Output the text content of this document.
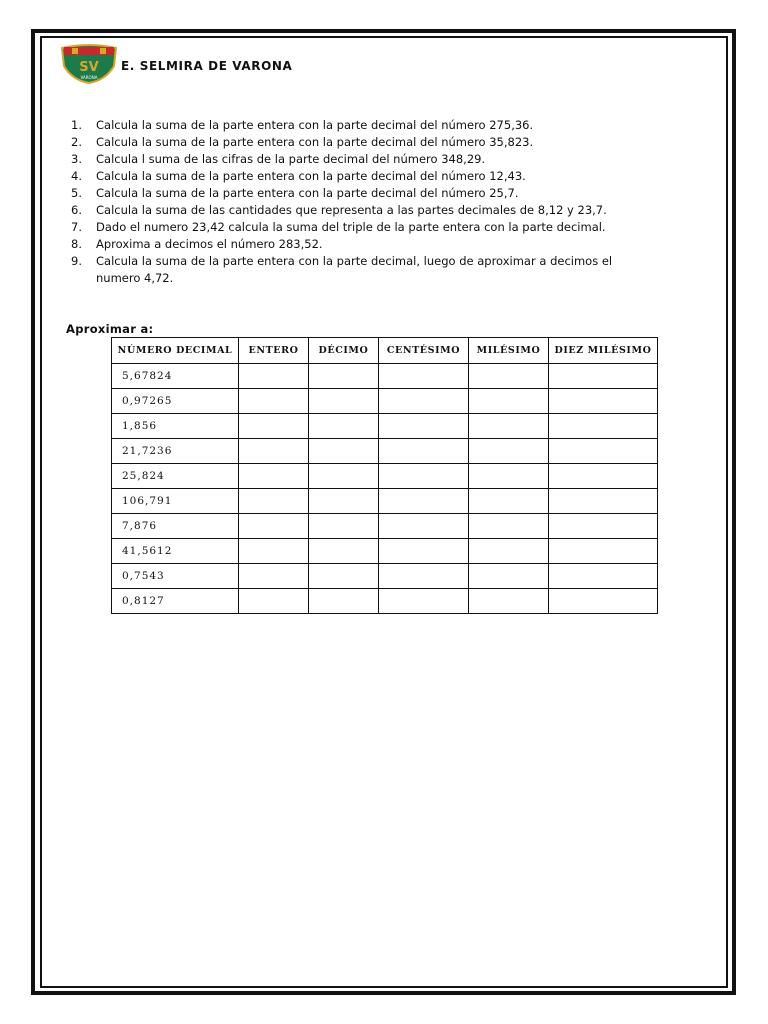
SV
VARONA
E. SELMIRA DE VARONA
1. Calcula la suma de la parte entera con la parte decimal del número 275,36.
2. Calcula la suma de la parte entera con la parte decimal del número 35,823.
3. Calcula l suma de las cifras de la parte decimal del número 348,29.
4. Calcula la suma de la parte entera con la parte decimal del número 12,43.
5. Calcula la suma de la parte entera con la parte decimal del número 25,7.
6. Calcula la suma de las cantidades que representa a las partes decimales de 8,12 y 23,7.
7. Dado el numero 23,42 calcula la suma del triple de la parte entera con la parte decimal.
8. Aproxima a decimos el número 283,52.
9. Calcula la suma de la parte entera con la parte decimal, luego de aproximar a decimos el numero 4,72.
Aproximar a:
NÚMERO DECIMAL	ENTERO	DÉCIMO	CENTÉSIMO	MILÉSIMO	DIEZ MILÉSIMO
5,67824					
0,97265					
1,856					
21,7236					
25,824					
106,791					
7,876					
41,5612					
0,7543					
0,8127					
